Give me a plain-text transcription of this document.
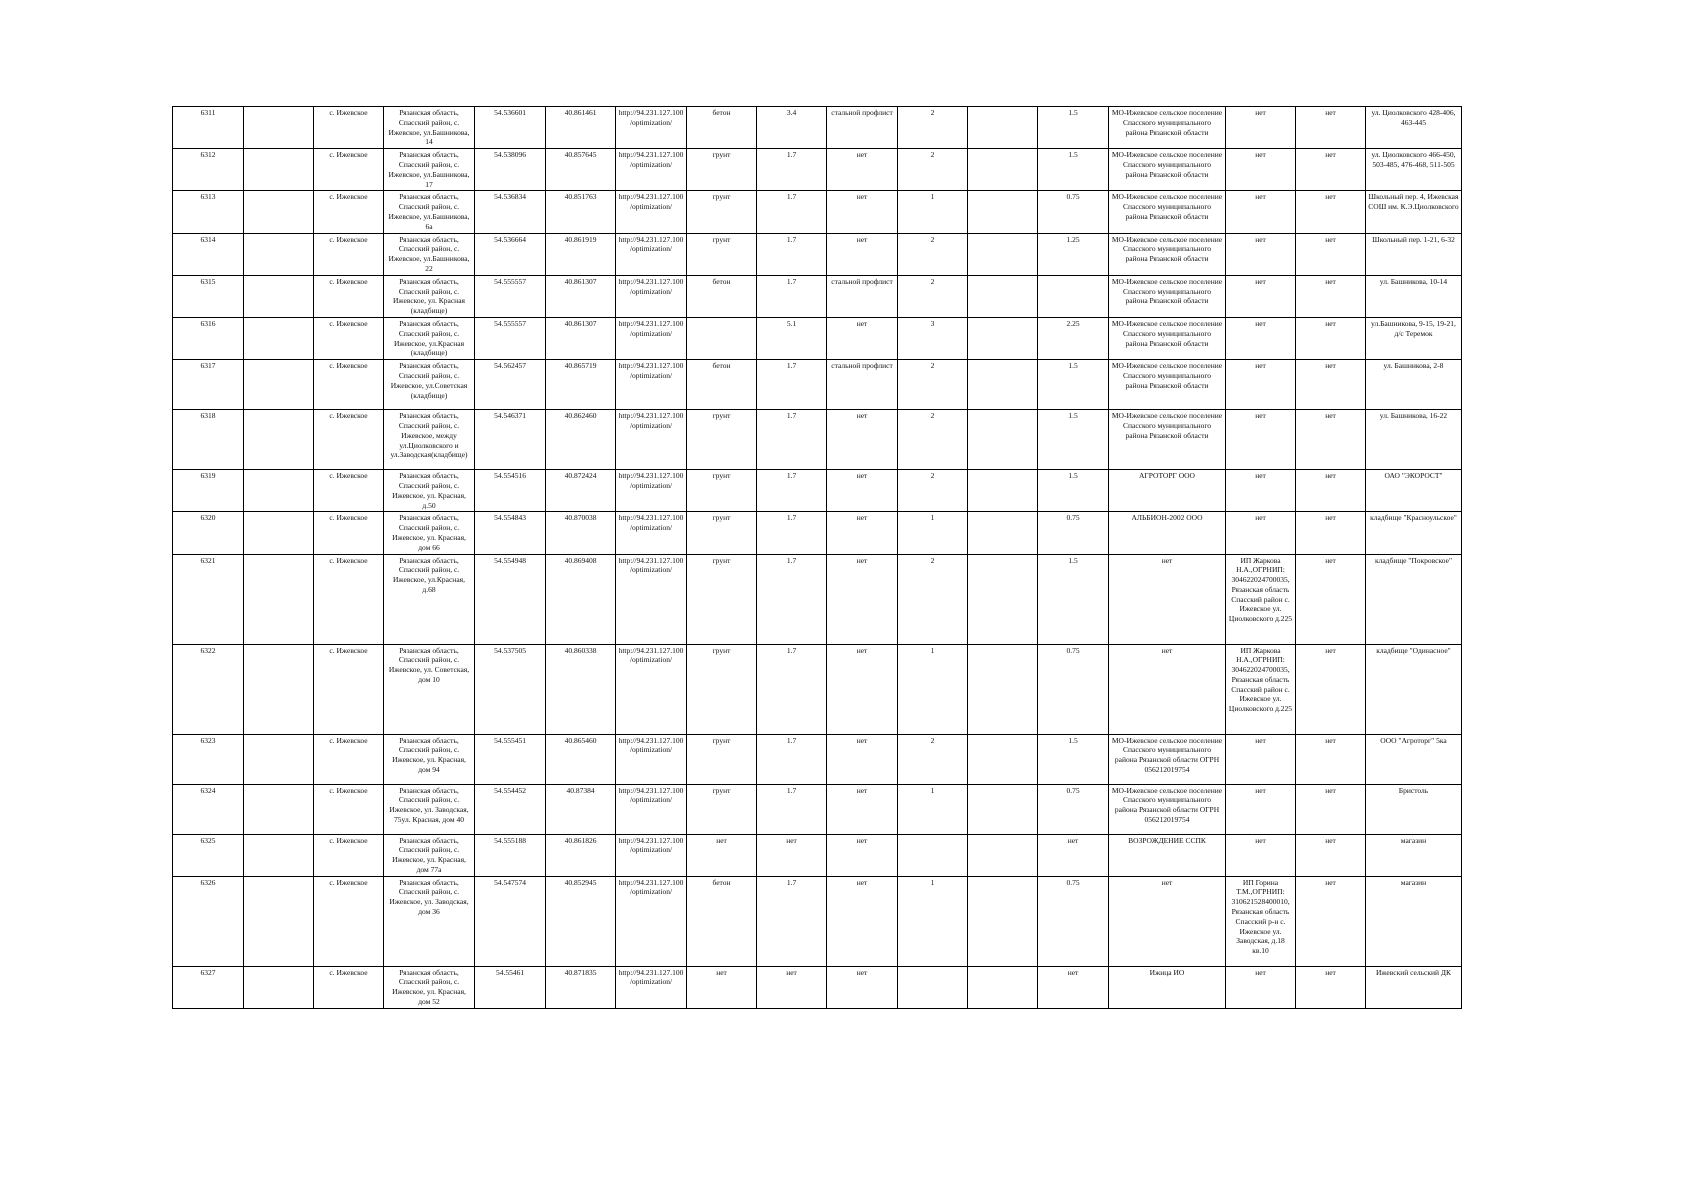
6311		с. Ижевское	Рязанская область, Спасский район, с. Ижевское, ул.Башникова, 14	54.536601	40.861461	http://94.231.127.100/optimization/	бетон	3.4	стальной профлист	2		1.5	МО-Ижевское сельское поселение Спасского муниципального района Рязанской области	нет	нет	ул. Циолковского 428-406, 463-445
6312		с. Ижевское	Рязанская область, Спасский район, с. Ижевское, ул.Башникова, 17	54.538096	40.857645	http://94.231.127.100/optimization/	грунт	1.7	нет	2		1.5	МО-Ижевское сельское поселение Спасского муниципального района Рязанской области	нет	нет	ул. Циолковского 466-450, 503-485, 476-468, 511-505
6313		с. Ижевское	Рязанская область, Спасский район, с. Ижевское, ул.Башникова, 6а	54.536834	40.851763	http://94.231.127.100/optimization/	грунт	1.7	нет	1		0.75	МО-Ижевское сельское поселение Спасского муниципального района Рязанской области	нет	нет	Школьный пер. 4, Ижевская СОШ им. К.Э.Циолковского
6314		с. Ижевское	Рязанская область, Спасский район, с. Ижевское, ул.Башникова, 22	54.536664	40.861919	http://94.231.127.100/optimization/	грунт	1.7	нет	2		1.25	МО-Ижевское сельское поселение Спасского муниципального района Рязанской области	нет	нет	Школьный пер. 1-21, 6-32
6315		с. Ижевское	Рязанская область, Спасский район, с. Ижевское, ул. Красная (кладбище)	54.555557	40.861307	http://94.231.127.100/optimization/	бетон	1.7	стальной профлист	2			МО-Ижевское сельское поселение Спасского муниципального района Рязанской области	нет	нет	ул. Башникова, 10-14
6316		с. Ижевское	Рязанская область, Спасский район, с. Ижевское, ул.Красная (кладбище)	54.555557	40.861307	http://94.231.127.100/optimization/		5.1	нет	3		2.25	МО-Ижевское сельское поселение Спасского муниципального района Рязанской области	нет	нет	ул.Башникова, 9-15, 19-21, д/с Теремок
6317		с. Ижевское	Рязанская область, Спасский район, с. Ижевское, ул.Советская (кладбище)	54.562457	40.865719	http://94.231.127.100/optimization/	бетон	1.7	стальной профлист	2		1.5	МО-Ижевское сельское поселение Спасского муниципального района Рязанской области	нет	нет	ул. Башникова, 2-8
6318		с. Ижевское	Рязанская область, Спасский район, с. Ижевское, между ул.Циолковского и ул.Заводская(кладбище)	54.546371	40.862460	http://94.231.127.100/optimization/	грунт	1.7	нет	2		1.5	МО-Ижевское сельское поселение Спасского муниципального района Рязанской области	нет	нет	ул. Башникова, 16-22
6319		с. Ижевское	Рязанская область, Спасский район, с. Ижевское, ул. Красная, д.50	54.554516	40.872424	http://94.231.127.100/optimization/	грунт	1.7	нет	2		1.5	АГРОТОРГ ООО	нет	нет	ОАО "ЭКОРОСТ"
6320		с. Ижевское	Рязанская область, Спасский район, с. Ижевское, ул. Красная, дом 66	54.554843	40.870038	http://94.231.127.100/optimization/	грунт	1.7	нет	1		0.75	АЛЬБИОН-2002 ООО	нет	нет	кладбище "Красноульское"
6321		с. Ижевское	Рязанская область, Спасский район, с. Ижевское, ул.Красная, д.68	54.554948	40.869408	http://94.231.127.100/optimization/	грунт	1.7	нет	2		1.5	нет	ИП Жаркова Н.А.,ОГРНИП: 304622024700035, Рязанская область Спасский район с. Ижевское ул. Циолковского д.225	нет	кладбище "Покровское"
6322		с. Ижевское	Рязанская область, Спасский район, с. Ижевское, ул. Советская, дом 10	54.537505	40.860338	http://94.231.127.100/optimization/	грунт	1.7	нет	1		0.75	нет	ИП Жаркова Н.А.,ОГРНИП: 304622024700035, Рязанская область Спасский район с. Ижевское ул. Циолковского д.225	нет	кладбище "Одинасное"
6323		с. Ижевское	Рязанская область, Спасский район, с. Ижевское, ул. Красная, дом 94	54.555451	40.865460	http://94.231.127.100/optimization/	грунт	1.7	нет	2		1.5	МО-Ижевское сельское поселение Спасского муниципального района Рязанской области ОГРН 056212019754	нет	нет	ООО "Агроторг" 5ка
6324		с. Ижевское	Рязанская область, Спасский район, с. Ижевское, ул. Заводская, 75ул. Красная, дом 40	54.554452	40.87384	http://94.231.127.100/optimization/	грунт	1.7	нет	1		0.75	МО-Ижевское сельское поселение Спасского муниципального района Рязанской области ОГРН 056212019754	нет	нет	Бристоль
6325		с. Ижевское	Рязанская область, Спасский район, с. Ижевское, ул. Красная, дом 77а	54.555188	40.861826	http://94.231.127.100/optimization/	нет	нет	нет			нет	ВОЗРОЖДЕНИЕ ССПК	нет	нет	магазин
6326		с. Ижевское	Рязанская область, Спасский район, с. Ижевское, ул. Заводская, дом 36	54.547574	40.852945	http://94.231.127.100/optimization/	бетон	1.7	нет	1		0.75	нет	ИП Горина Т.М.,ОГРНИП: 310621528400010, Рязанская область Спасский р-н с. Ижевское ул. Заводская, д.18 кв.10	нет	магазин
6327		с. Ижевское	Рязанская область, Спасский район, с. Ижевское, ул. Красная, дом 52	54.55461	40.871835	http://94.231.127.100/optimization/	нет	нет	нет			нет	Ижица ИО	нет	нет	Ижевский сельский ДК
